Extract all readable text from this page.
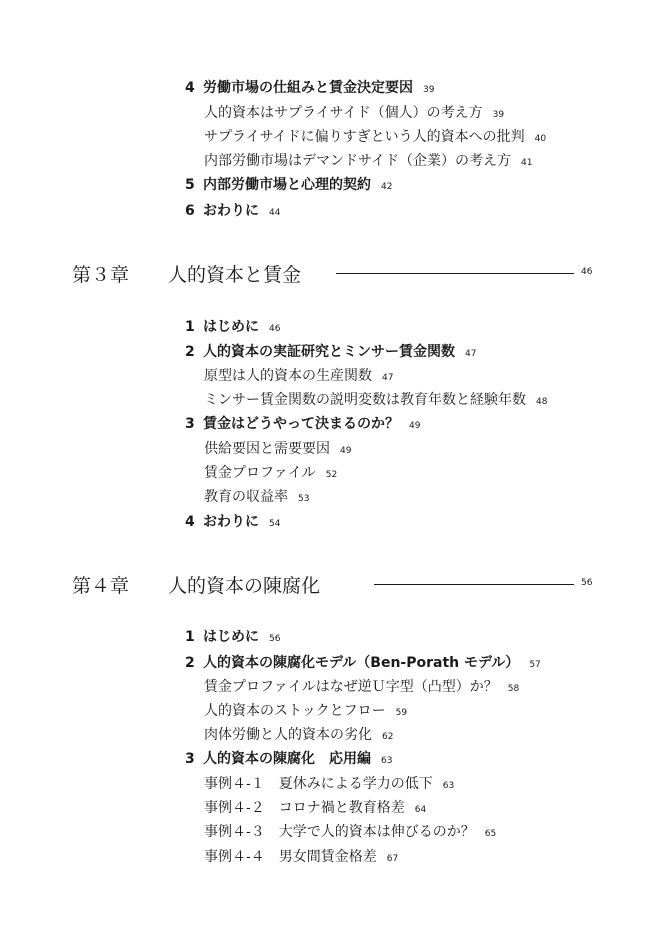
4 労働市場の仕組みと賃金決定要因 39
人的資本はサプライサイド（個人）の考え方 39
サプライサイドに偏りすぎという人的資本への批判 40
内部労働市場はデマンドサイド（企業）の考え方 41
5 内部労働市場と心理的契約 42
6 おわりに 44
第３章 人的資本と賃金	46
1 はじめに 46
2 人的資本の実証研究とミンサー賃金関数 47
原型は人的資本の生産関数 47
ミンサー賃金関数の説明変数は教育年数と経験年数 48
3 賃金はどうやって決まるのか？ 49
供給要因と需要要因 49
賃金プロファイル 52
教育の収益率 53
4 おわりに 54
第４章 人的資本の陳腐化	56
1 はじめに 56
2 人的資本の陳腐化モデル（Ben-Porath モデル） 57
賃金プロファイルはなぜ逆Ｕ字型（凸型）か？ 58
人的資本のストックとフロー 59
肉体労働と人的資本の劣化 62
3 人的資本の陳腐化　応用編 63
事例４-１　夏休みによる学力の低下 63
事例４-２　コロナ禍と教育格差 64
事例４-３　大学で人的資本は伸びるのか？ 65
事例４-４　男女間賃金格差 67
